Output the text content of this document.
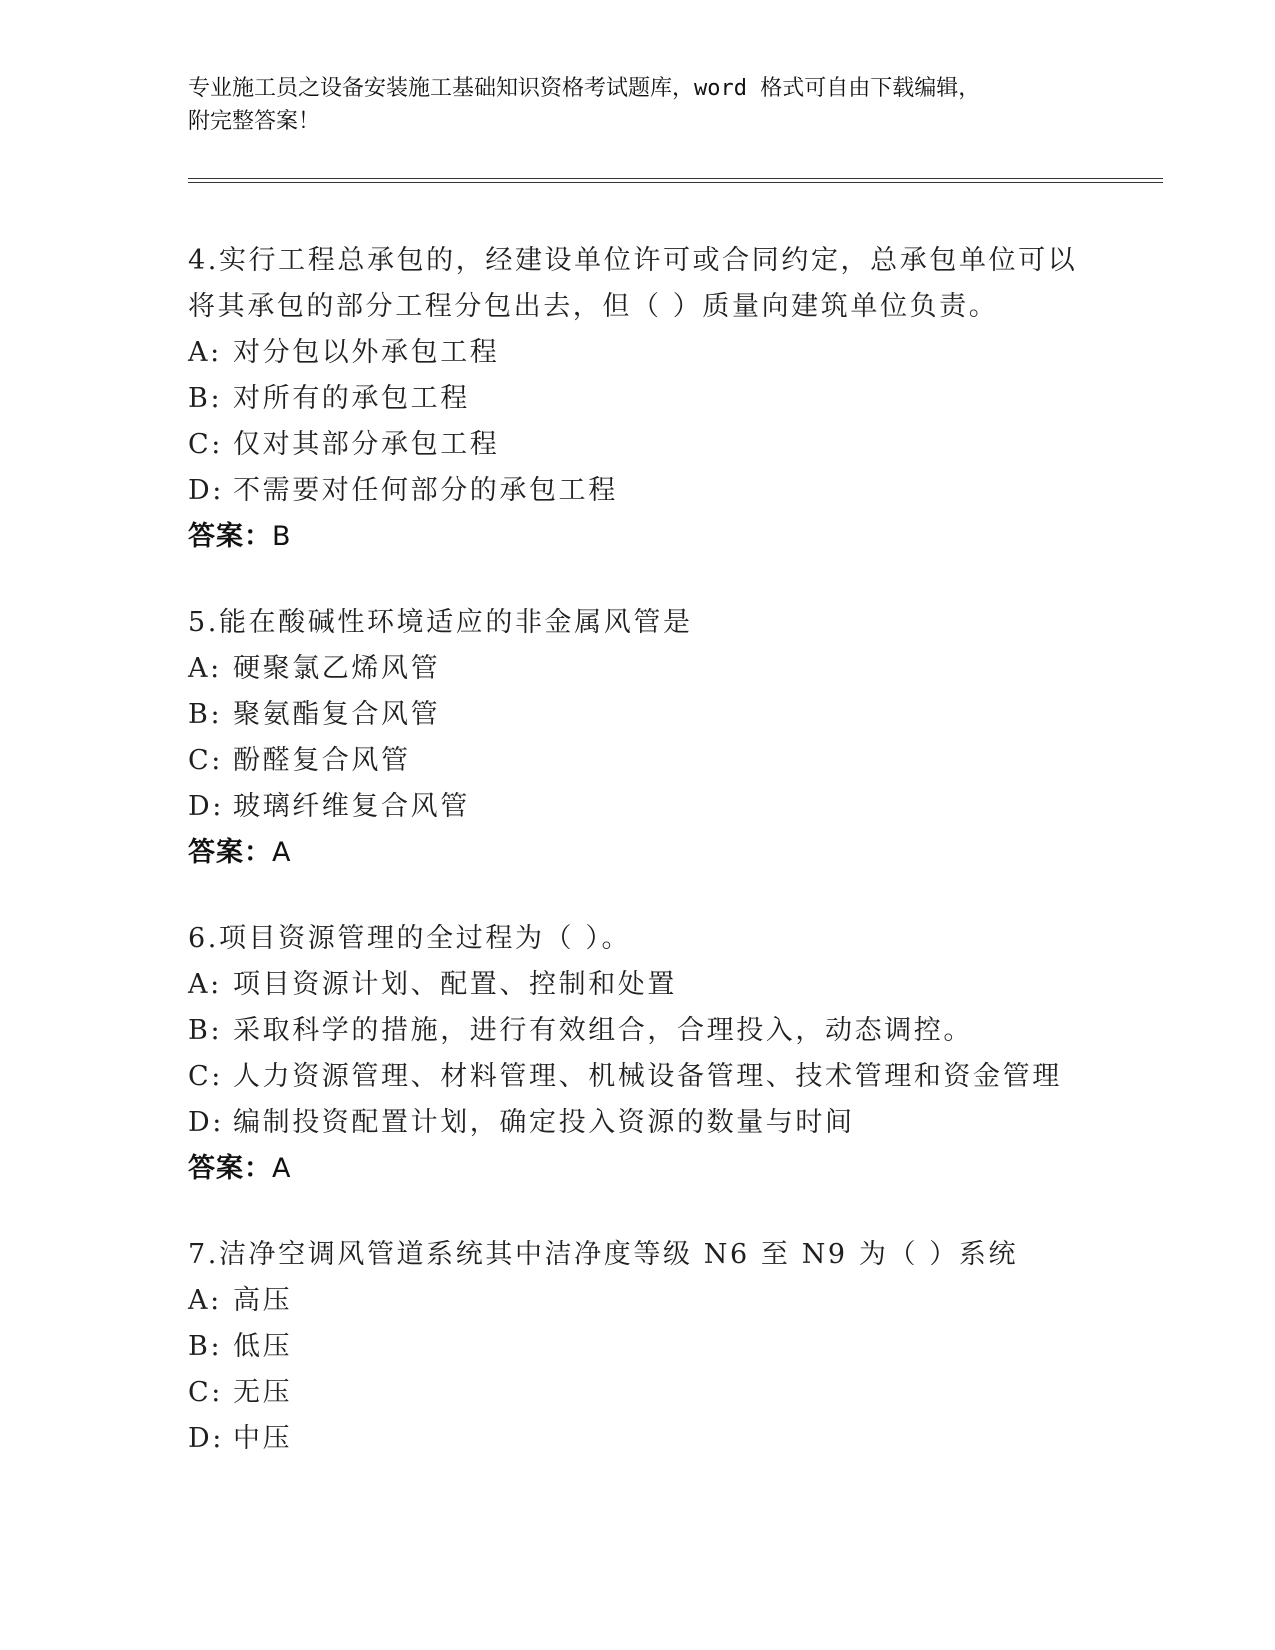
专业施工员之设备安装施工基础知识资格考试题库，word 格式可自由下载编辑，
附完整答案！
4.实行工程总承包的，经建设单位许可或合同约定，总承包单位可以
将其承包的部分工程分包出去，但（ ）质量向建筑单位负责。
A: 对分包以外承包工程
B: 对所有的承包工程
C: 仅对其部分承包工程
D: 不需要对任何部分的承包工程
答案：B
5.能在酸碱性环境适应的非金属风管是
A: 硬聚氯乙烯风管
B: 聚氨酯复合风管
C: 酚醛复合风管
D: 玻璃纤维复合风管
答案：A
6.项目资源管理的全过程为（ ）。
A: 项目资源计划、配置、控制和处置
B: 采取科学的措施，进行有效组合，合理投入，动态调控。
C: 人力资源管理、材料管理、机械设备管理、技术管理和资金管理
D: 编制投资配置计划，确定投入资源的数量与时间
答案：A
7.洁净空调风管道系统其中洁净度等级 N6 至 N9 为（ ）系统
A: 高压
B: 低压
C: 无压
D: 中压
